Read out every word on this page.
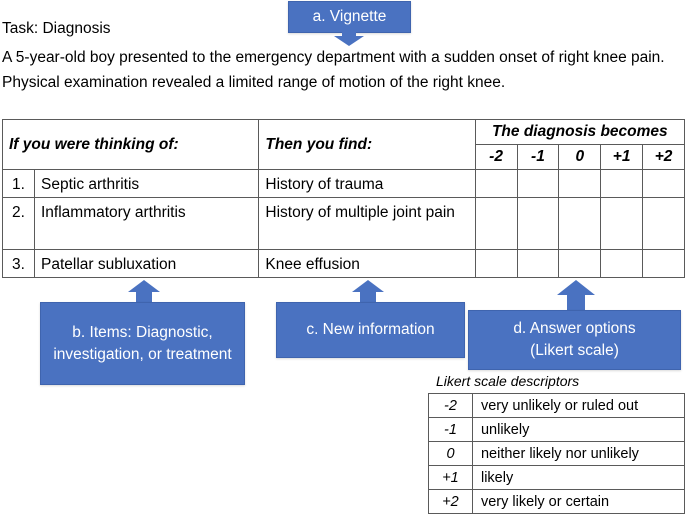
a. Vignette
Task: Diagnosis
A 5-year-old boy presented to the emergency department with a sudden onset of right knee pain. Physical examination revealed a limited range of motion of the right knee.
If you were thinking of:		Then you find:	The diagnosis becomes				
			-2	-1	0	+1	+2
1.	Septic arthritis	History of trauma					
2.	Inflammatory arthritis	History of multiple joint pain					
3.	Patellar subluxation	Knee effusion					
b. Items: Diagnostic, investigation, or treatment
c. New information	d. Answer options (Likert scale)
Likert scale descriptors
-2	very unlikely or ruled out
-1	unlikely
0	neither likely nor unlikely
+1	likely
+2	very likely or certain
